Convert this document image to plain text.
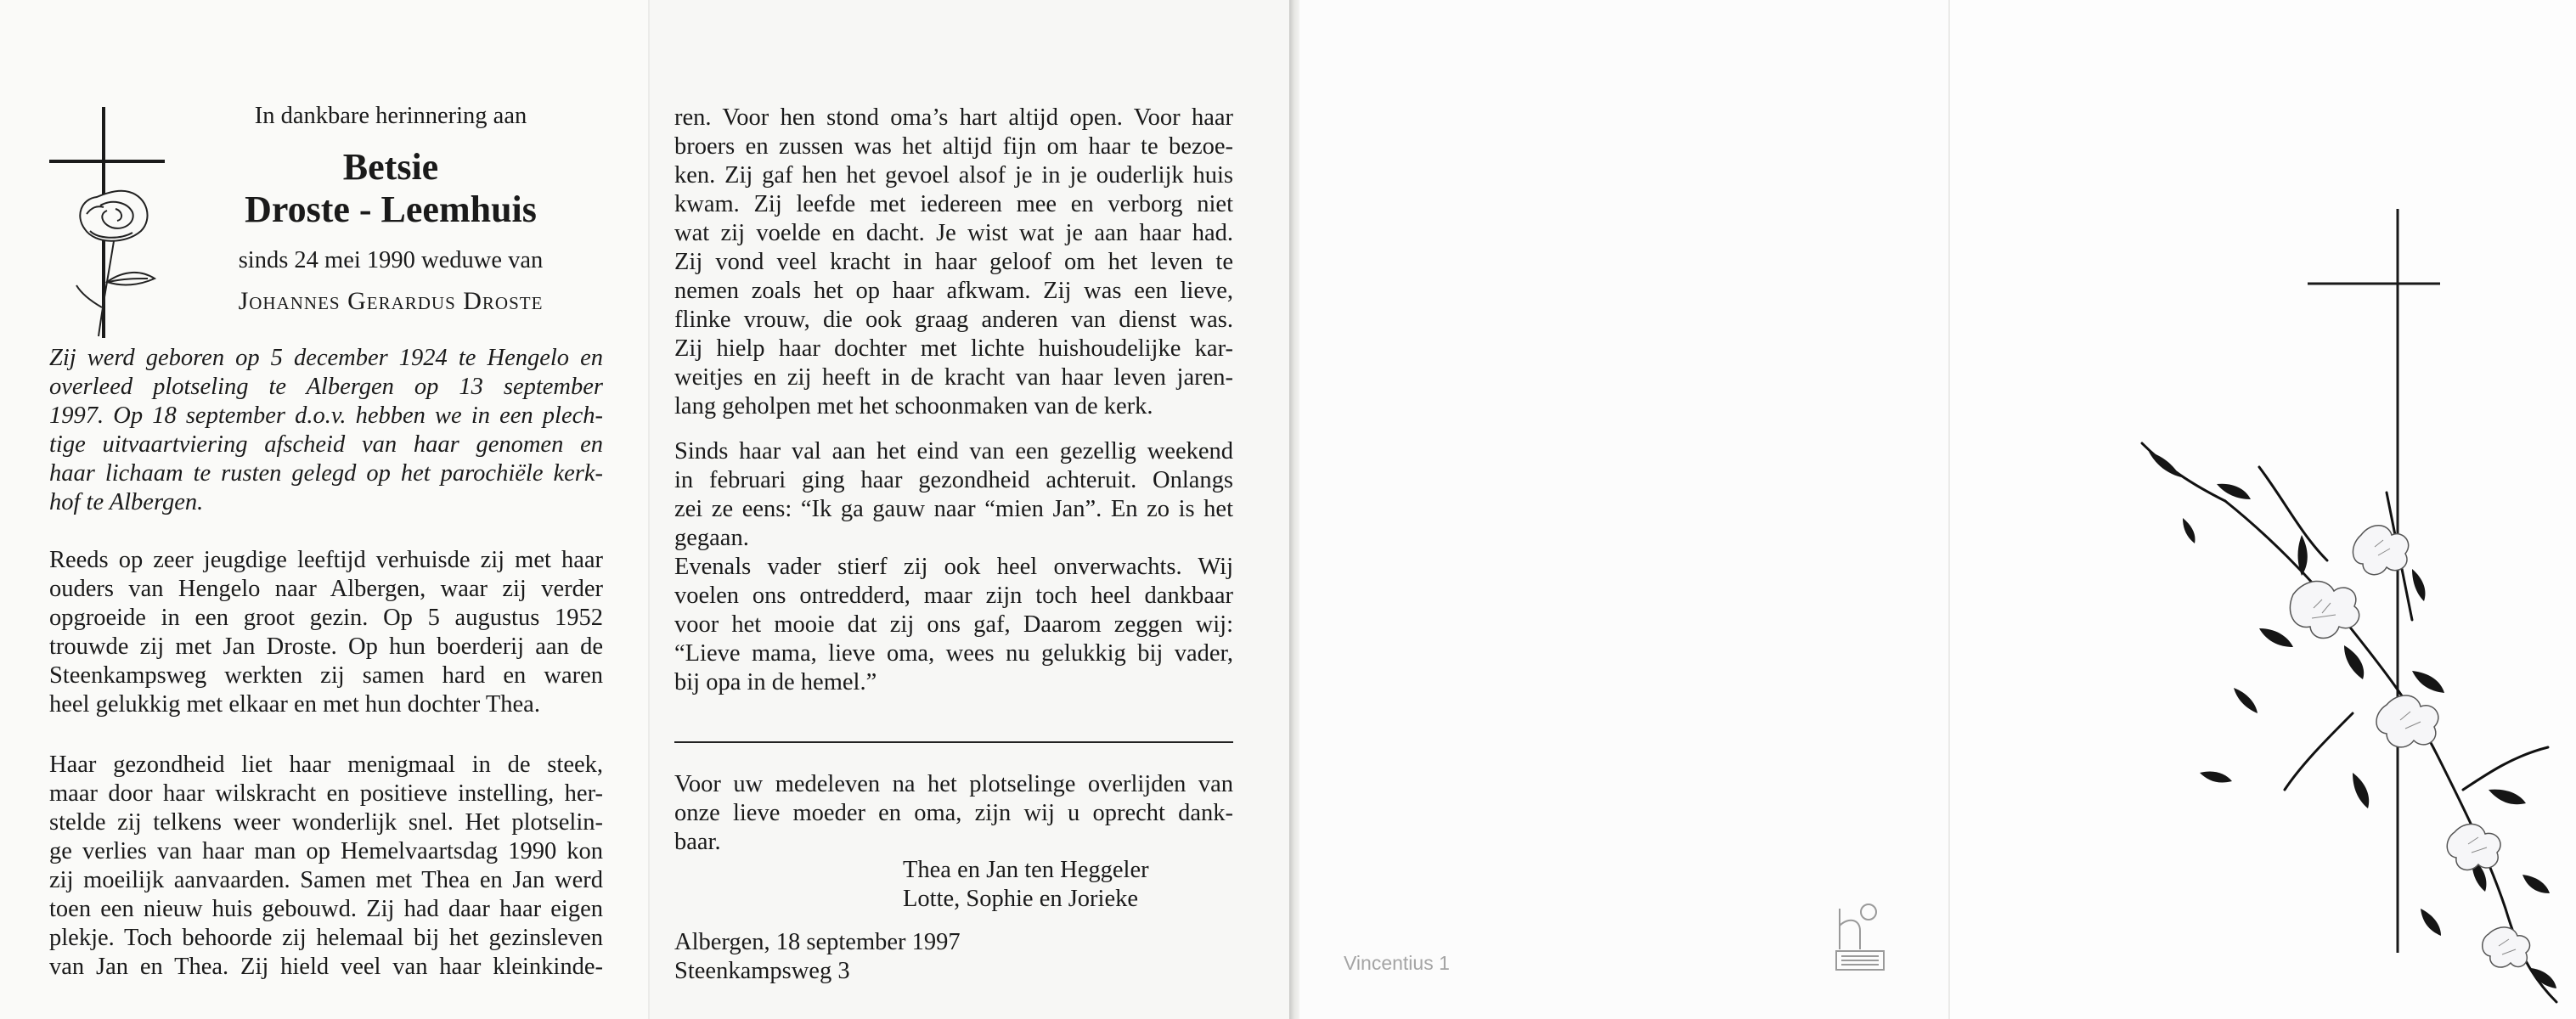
In dankbare herinnering aan
Betsie
Droste - Leemhuis
sinds 24 mei 1990 weduwe van
Johannes Gerardus Droste

Zij werd geboren op 5 december 1924 te Hengelo en

overleed plotseling te Albergen op 13 september

1997. Op 18 september d.o.v. hebben we in een plech-

tige uitvaartviering afscheid van haar genomen en

haar lichaam te rusten gelegd op het parochiële kerk-

hof te Albergen.

Reeds op zeer jeugdige leeftijd verhuisde zij met haar

ouders van Hengelo naar Albergen, waar zij verder

opgroeide in een groot gezin. Op 5 augustus 1952

trouwde zij met Jan Droste. Op hun boerderij aan de

Steenkampsweg werkten zij samen hard en waren

heel gelukkig met elkaar en met hun dochter Thea.

Haar gezondheid liet haar menigmaal in de steek,

maar door haar wilskracht en positieve instelling, her-

stelde zij telkens weer wonderlijk snel. Het plotselin-

ge verlies van haar man op Hemelvaartsdag 1990 kon

zij moeilijk aanvaarden. Samen met Thea en Jan werd

toen een nieuw huis gebouwd. Zij had daar haar eigen

plekje. Toch behoorde zij helemaal bij het gezinsleven

van Jan en Thea. Zij hield veel van haar kleinkinde-

ren. Voor hen stond oma’s hart altijd open. Voor haar

broers en zussen was het altijd fijn om haar te bezoe-

ken. Zij gaf hen het gevoel alsof je in je ouderlijk huis

kwam. Zij leefde met iedereen mee en verborg niet

wat zij voelde en dacht. Je wist wat je aan haar had.

Zij vond veel kracht in haar geloof om het leven te

nemen zoals het op haar afkwam. Zij was een lieve,

flinke vrouw, die ook graag anderen van dienst was.

Zij hielp haar dochter met lichte huishoudelijke kar-

weitjes en zij heeft in de kracht van haar leven jaren-

lang geholpen met het schoonmaken van de kerk.

Sinds haar val aan het eind van een gezellig weekend

in februari ging haar gezondheid achteruit. Onlangs

zei ze eens: “Ik ga gauw naar “mien Jan”. En zo is het

gegaan.

Evenals vader stierf zij ook heel onverwachts. Wij

voelen ons ontredderd, maar zijn toch heel dankbaar

voor het mooie dat zij ons gaf, Daarom zeggen wij:

“Lieve mama, lieve oma, wees nu gelukkig bij vader,

bij opa in de hemel.”

Voor uw medeleven na het plotselinge overlijden van

onze lieve moeder en oma, zijn wij u oprecht dank-

baar.

Thea en Jan ten Heggeler
Lotte, Sophie en Jorieke
Albergen, 18 september 1997
Steenkampsweg 3	Vincentius 1
